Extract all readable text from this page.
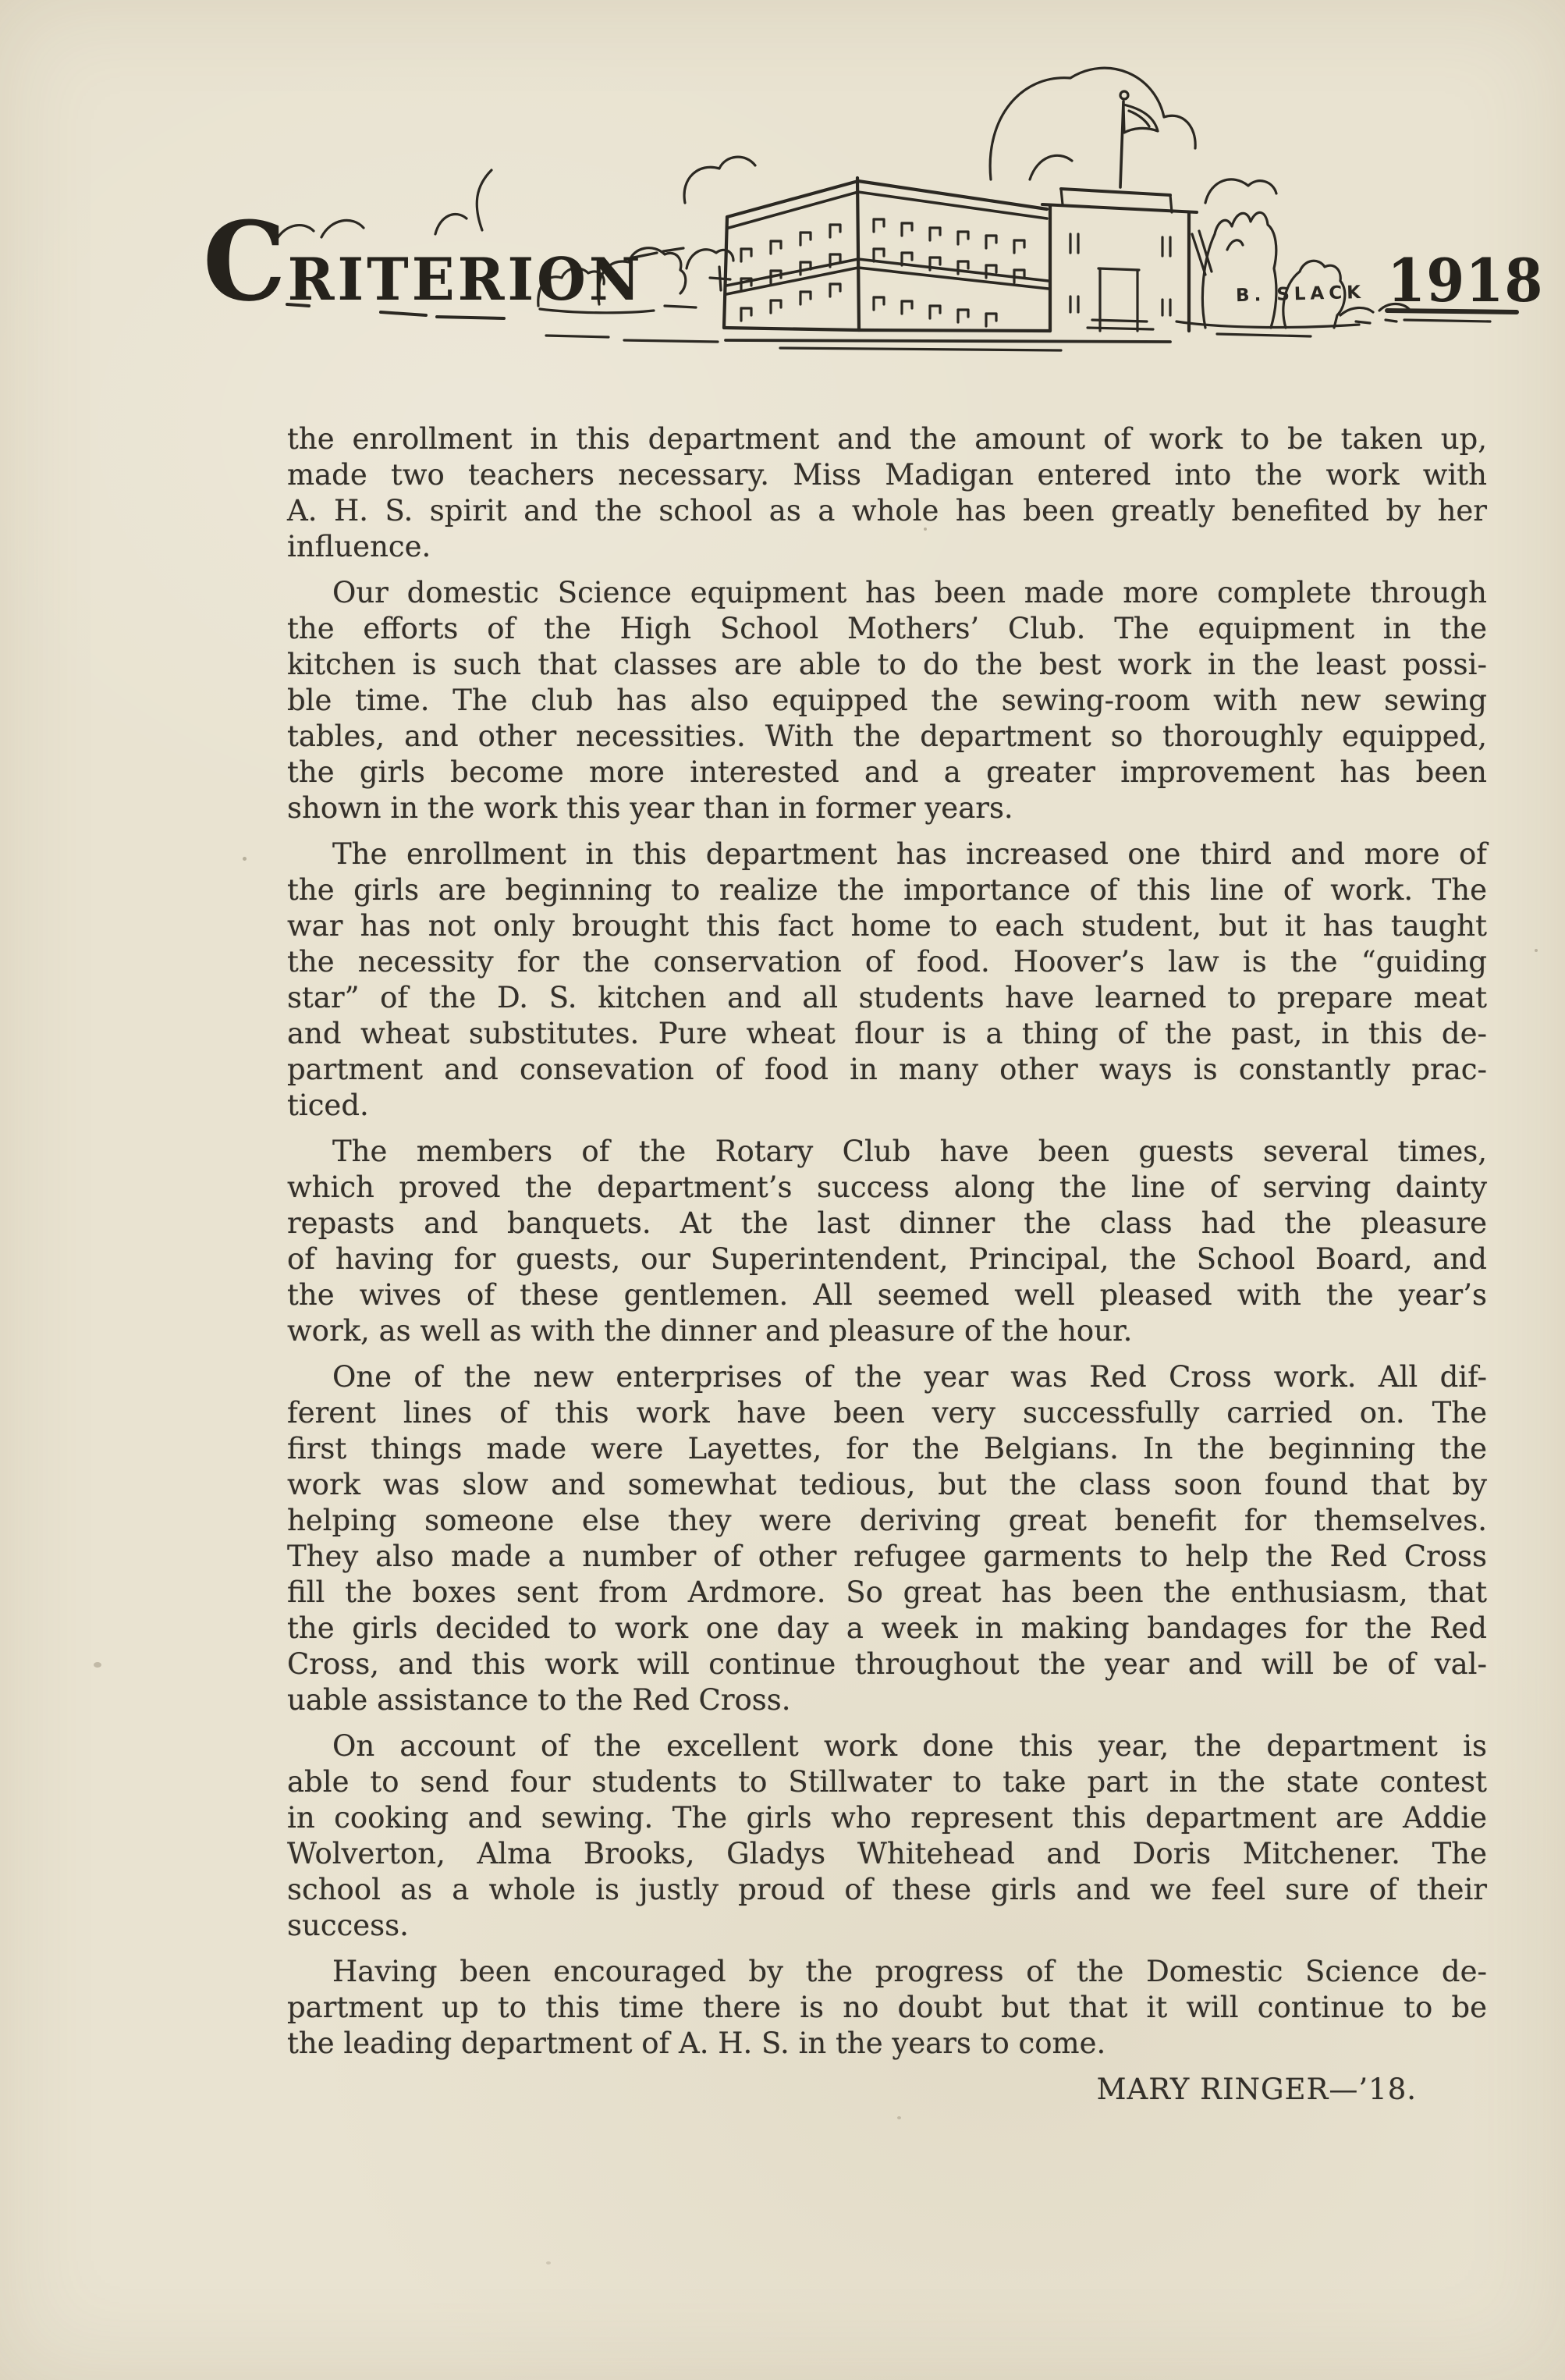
CRITERION	B. SLACK 1918

the enrollment in this department and the amount of work to be taken up,
made two teachers necessary. Miss Madigan entered into the work with
A. H. S. spirit and the school as a whole has been greatly benefited by her
influence.

Our domestic Science equipment has been made more complete through
the efforts of the High School Mothers’ Club. The equipment in the
kitchen is such that classes are able to do the best work in the least possi-
ble time. The club has also equipped the sewing-room with new sewing
tables, and other necessities. With the department so thoroughly equipped,
the girls become more interested and a greater improvement has been
shown in the work this year than in former years.

The enrollment in this department has increased one third and more of
the girls are beginning to realize the importance of this line of work. The
war has not only brought this fact home to each student, but it has taught
the necessity for the conservation of food. Hoover’s law is the “guiding
star” of the D. S. kitchen and all students have learned to prepare meat
and wheat substitutes. Pure wheat flour is a thing of the past, in this de-
partment and consevation of food in many other ways is constantly prac-
ticed.

The members of the Rotary Club have been guests several times,
which proved the department’s success along the line of serving dainty
repasts and banquets. At the last dinner the class had the pleasure
of having for guests, our Superintendent, Principal, the School Board, and
the wives of these gentlemen. All seemed well pleased with the year’s
work, as well as with the dinner and pleasure of the hour.

One of the new enterprises of the year was Red Cross work. All dif-
ferent lines of this work have been very successfully carried on. The
first things made were Layettes, for the Belgians. In the beginning the
work was slow and somewhat tedious, but the class soon found that by
helping someone else they were deriving great benefit for themselves.
They also made a number of other refugee garments to help the Red Cross
fill the boxes sent from Ardmore. So great has been the enthusiasm, that
the girls decided to work one day a week in making bandages for the Red
Cross, and this work will continue throughout the year and will be of val-
uable assistance to the Red Cross.

On account of the excellent work done this year, the department is
able to send four students to Stillwater to take part in the state contest
in cooking and sewing. The girls who represent this department are Addie
Wolverton, Alma Brooks, Gladys Whitehead and Doris Mitchener. The
school as a whole is justly proud of these girls and we feel sure of their
success.

Having been encouraged by the progress of the Domestic Science de-
partment up to this time there is no doubt but that it will continue to be
the leading department of A. H. S. in the years to come.

MARY RINGER—’18.
